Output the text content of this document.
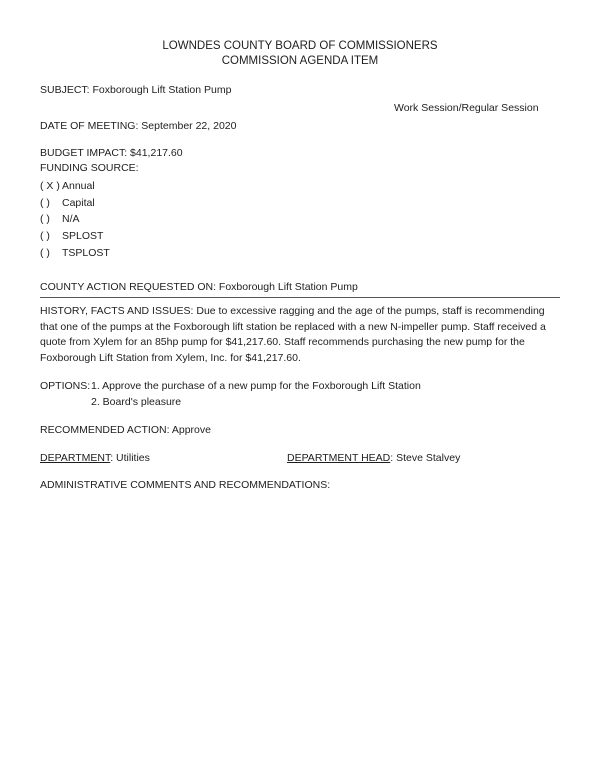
LOWNDES COUNTY BOARD OF COMMISSIONERS
COMMISSION AGENDA ITEM
SUBJECT: Foxborough Lift Station Pump
Work Session/Regular Session
DATE OF MEETING: September 22, 2020
BUDGET IMPACT: $41,217.60
FUNDING SOURCE:
( X ) Annual
( ) Capital
( ) N/A
( ) SPLOST
( ) TSPLOST
COUNTY ACTION REQUESTED ON: Foxborough Lift Station Pump
HISTORY, FACTS AND ISSUES: Due to excessive ragging and the age of the pumps, staff is recommending that one of the pumps at the Foxborough lift station be replaced with a new N-impeller pump. Staff received a quote from Xylem for an 85hp pump for $41,217.60. Staff recommends purchasing the new pump for the Foxborough Lift Station from Xylem, Inc. for $41,217.60.
OPTIONS: 1. Approve the purchase of a new pump for the Foxborough Lift Station
2. Board's pleasure
RECOMMENDED ACTION: Approve
DEPARTMENT: Utilities	DEPARTMENT HEAD: Steve Stalvey
ADMINISTRATIVE COMMENTS AND RECOMMENDATIONS:
